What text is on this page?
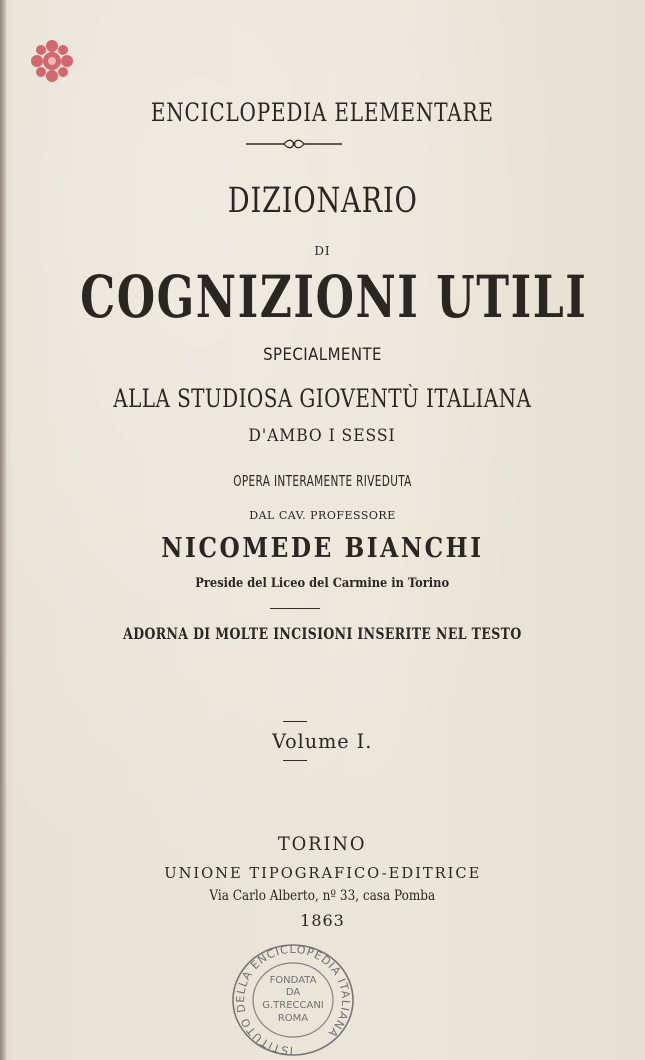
ENCICLOPEDIA ELEMENTARE

DIZIONARIO

DI

COGNIZIONI UTILI

SPECIALMENTE

ALLA STUDIOSA GIOVENTÙ ITALIANA

D'AMBO I SESSI

OPERA INTERAMENTE RIVEDUTA

DAL CAV. PROFESSORE

NICOMEDE BIANCHI

Preside del Liceo del Carmine in Torino

ADORNA DI MOLTE INCISIONI INSERITE NEL TESTO

Volume I.

TORINO

UNIONE TIPOGRAFICO-EDITRICE

Via Carlo Alberto, nº 33, casa Pomba

1863

ISTITUTO DELLA ENCICLOPEDIA ITALIANA
FONDATA
DA
G.TRECCANI
ROMA
